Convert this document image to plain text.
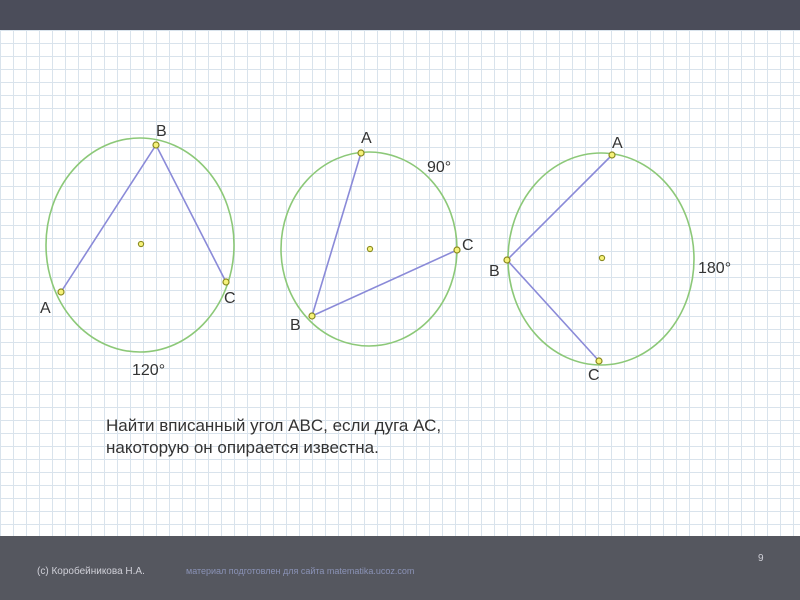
B
A
C
120°
A
C
B
90°
A
B
C
180°
Найти вписанный угол ABC, если дуга АС,
накоторую он опирается известна.
(с) Коробейникова Н.А.	материал подготовлен для сайта matematika.ucoz.com
9
